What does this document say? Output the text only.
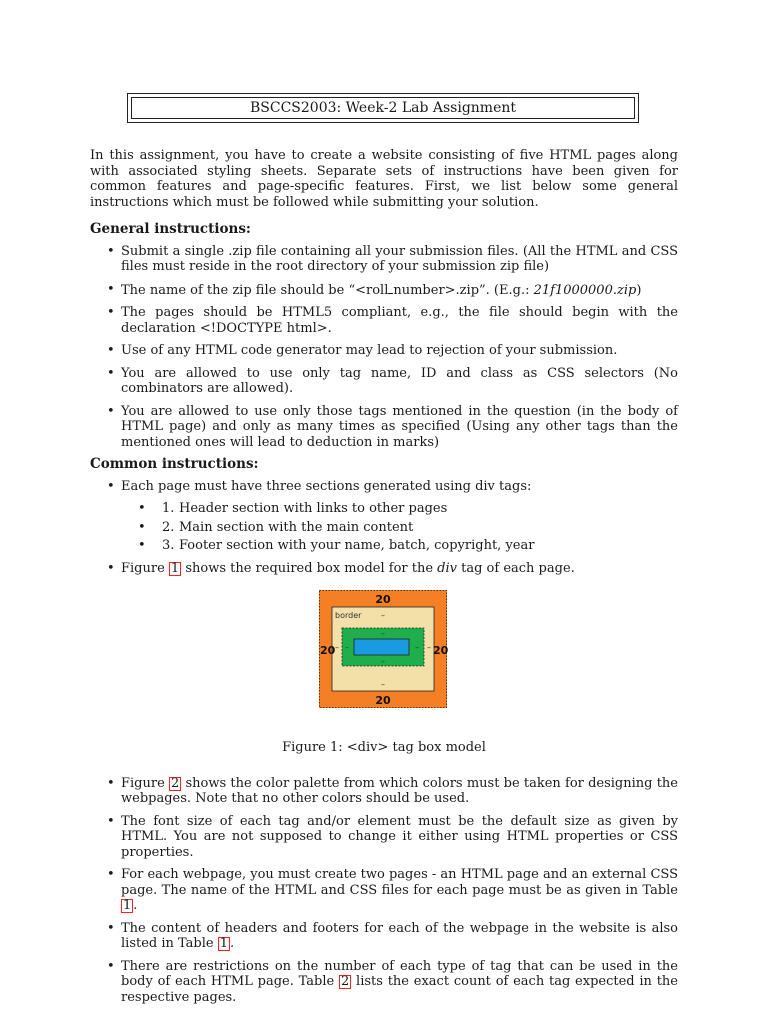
BSCCS2003: Week-2 Lab Assignment

In this assignment, you have to create a website consisting of five HTML pages along with associated styling sheets. Separate sets of instructions have been given for common features and page-specific features. First, we list below some general instructions which must be followed while submitting your solution.

General instructions:
• Submit a single .zip file containing all your submission files. (All the HTML and CSS files must reside in the root directory of your submission zip file)
• The name of the zip file should be “<roll number>.zip”. (E.g.: 21f1000000.zip)
• The pages should be HTML5 compliant, e.g., the file should begin with the declaration <!DOCTYPE html>.
• Use of any HTML code generator may lead to rejection of your submission.
• You are allowed to use only tag name, ID and class as CSS selectors (No combinators are allowed).
• You are allowed to use only those tags mentioned in the question (in the body of HTML page) and only as many times as specified (Using any other tags than the mentioned ones will lead to deduction in marks)
Common instructions:
• Each page must have three sections generated using div tags:
• 1. Header section with links to other pages
• 2. Main section with the main content
• 3. Footer section with your name, batch, copyright, year
• Figure 1 shows the required box model for the div tag of each page.
20
20
20	20
border –
–
–
–
–	–
–	–

Figure 1: <div> tag box model

• Figure 2 shows the color palette from which colors must be taken for designing the webpages. Note that no other colors should be used.
• The font size of each tag and/or element must be the default size as given by HTML. You are not supposed to change it either using HTML properties or CSS properties.
• For each webpage, you must create two pages - an HTML page and an external CSS page. The name of the HTML and CSS files for each page must be as given in Table 1 .
• The content of headers and footers for each of the webpage in the website is also listed in Table 1 .
• There are restrictions on the number of each type of tag that can be used in the body of each HTML page. Table 2 lists the exact count of each tag expected in the respective pages.
